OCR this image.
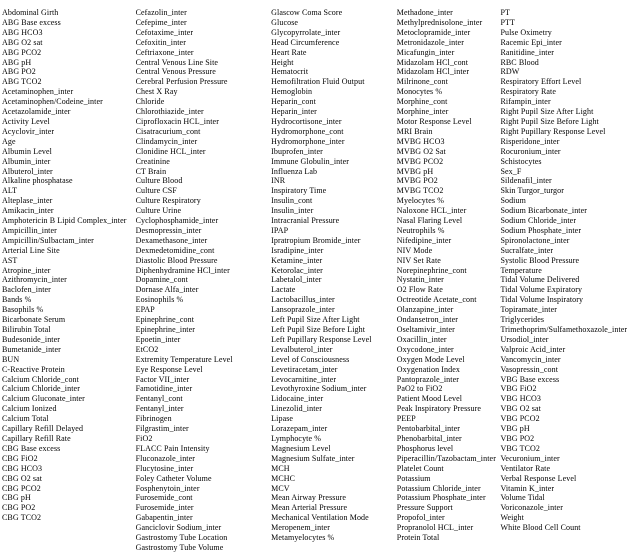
Abdominal Girth
ABG Base excess
ABG HCO3
ABG O2 sat
ABG PCO2
ABG pH
ABG PO2
ABG TCO2
Acetaminophen_inter
Acetaminophen/Codeine_inter
Acetazolamide_inter
Activity Level
Acyclovir_inter
Age
Albumin Level
Albumin_inter
Albuterol_inter
Alkaline phosphatase
ALT
Alteplase_inter
Amikacin_inter
Amphotericin B Lipid Complex_inter
Ampicillin_inter
Ampicillin/Sulbactam_inter
Arterial Line Site
AST
Atropine_inter
Azithromycin_inter
Baclofen_inter
Bands %
Basophils %
Bicarbonate Serum
Bilirubin Total
Budesonide_inter
Bumetanide_inter
BUN
C-Reactive Protein
Calcium Chloride_cont
Calcium Chloride_inter
Calcium Gluconate_inter
Calcium Ionized
Calcium Total
Capillary Refill Delayed
Capillary Refill Rate
CBG Base excess
CBG FiO2
CBG HCO3
CBG O2 sat
CBG PCO2
CBG pH
CBG PO2
CBG TCO2
Cefazolin_inter
Cefepime_inter
Cefotaxime_inter
Cefoxitin_inter
Ceftriaxone_inter
Central Venous Line Site
Central Venous Pressure
Cerebral Perfusion Pressure
Chest X Ray
Chloride
Chlorothiazide_inter
Ciprofloxacin HCL_inter
Cisatracurium_cont
Clindamycin_inter
Clonidine HCL_inter
Creatinine
CT Brain
Culture Blood
Culture CSF
Culture Respiratory
Culture Urine
Cyclophosphamide_inter
Desmopressin_inter
Dexamethasone_inter
Dexmedetomidine_cont
Diastolic Blood Pressure
Diphenhydramine HCl_inter
Dopamine_cont
Dornase Alfa_inter
Eosinophils %
EPAP
Epinephrine_cont
Epinephrine_inter
Epoetin_inter
EtCO2
Extremity Temperature Level
Eye Response Level
Factor VII_inter
Famotidine_inter
Fentanyl_cont
Fentanyl_inter
Fibrinogen
Filgrastim_inter
FiO2
FLACC Pain Intensity
Fluconazole_inter
Flucytosine_inter
Foley Catheter Volume
Fosphenytoin_inter
Furosemide_cont
Furosemide_inter
Gabapentin_inter
Ganciclovir Sodium_inter
Gastrostomy Tube Location
Gastrostomy Tube Volume
Glascow Coma Score
Glucose
Glycopyrrolate_inter
Head Circumference
Heart Rate
Height
Hematocrit
Hemofiltration Fluid Output
Hemoglobin
Heparin_cont
Heparin_inter
Hydrocortisone_inter
Hydromorphone_cont
Hydromorphone_inter
Ibuprofen_inter
Immune Globulin_inter
Influenza Lab
INR
Inspiratory Time
Insulin_cont
Insulin_inter
Intracranial Pressure
IPAP
Ipratropium Bromide_inter
Isradipine_inter
Ketamine_inter
Ketorolac_inter
Labetalol_inter
Lactate
Lactobacillus_inter
Lansoprazole_inter
Left Pupil Size After Light
Left Pupil Size Before Light
Left Pupillary Response Level
Levalbuterol_inter
Level of Consciousness
Levetiracetam_inter
Levocarnitine_inter
Levothyroxine Sodium_inter
Lidocaine_inter
Linezolid_inter
Lipase
Lorazepam_inter
Lymphocyte %
Magnesium Level
Magnesium Sulfate_inter
MCH
MCHC
MCV
Mean Airway Pressure
Mean Arterial Pressure
Mechanical Ventilation Mode
Meropenem_inter
Metamyelocytes %
Methadone_inter
Methylprednisolone_inter
Metoclopramide_inter
Metronidazole_inter
Micafungin_inter
Midazolam HCl_cont
Midazolam HCl_inter
Milrinone_cont
Monocytes %
Morphine_cont
Morphine_inter
Motor Response Level
MRI Brain
MVBG HCO3
MVBG O2 Sat
MVBG PCO2
MVBG pH
MVBG PO2
MVBG TCO2
Myelocytes %
Naloxone HCL_inter
Nasal Flaring Level
Neutrophils %
Nifedipine_inter
NIV Mode
NIV Set Rate
Norepinephrine_cont
Nystatin_inter
O2 Flow Rate
Octreotide Acetate_cont
Olanzapine_inter
Ondansetron_inter
Oseltamivir_inter
Oxacillin_inter
Oxycodone_inter
Oxygen Mode Level
Oxygenation Index
Pantoprazole_inter
PaO2 to FiO2
Patient Mood Level
Peak Inspiratory Pressure
PEEP
Pentobarbital_inter
Phenobarbital_inter
Phosphorus level
Piperacillin/Tazobactam_inter
Platelet Count
Potassium
Potassium Chloride_inter
Potassium Phosphate_inter
Pressure Support
Propofol_inter
Propranolol HCL_inter
Protein Total
PT
PTT
Pulse Oximetry
Racemic Epi_inter
Ranitidine_inter
RBC Blood
RDW
Respiratory Effort Level
Respiratory Rate
Rifampin_inter
Right Pupil Size After Light
Right Pupil Size Before Light
Right Pupillary Response Level
Risperidone_inter
Rocuronium_inter
Schistocytes
Sex_F
Sildenafil_inter
Skin Turgor_turgor
Sodium
Sodium Bicarbonate_inter
Sodium Chloride_inter
Sodium Phosphate_inter
Spironolactone_inter
Sucralfate_inter
Systolic Blood Pressure
Temperature
Tidal Volume Delivered
Tidal Volume Expiratory
Tidal Volume Inspiratory
Topiramate_inter
Triglycerides
Trimethoprim/Sulfamethoxazole_inter
Ursodiol_inter
Valproic Acid_inter
Vancomycin_inter
Vasopressin_cont
VBG Base excess
VBG FiO2
VBG HCO3
VBG O2 sat
VBG PCO2
VBG pH
VBG PO2
VBG TCO2
Vecuronium_inter
Ventilator Rate
Verbal Response Level
Vitamin K_inter
Volume Tidal
Voriconazole_inter
Weight
White Blood Cell Count
